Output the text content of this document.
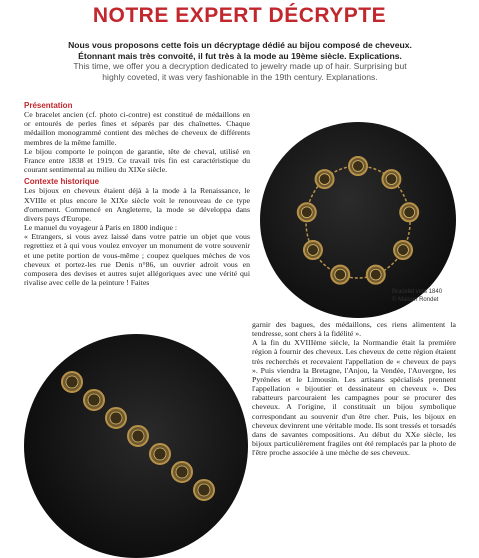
NOTRE EXPERT DÉCRYPTE
Nous vous proposons cette fois un décryptage dédié au bijou composé de cheveux.
Étonnant mais très convoité, il fut très à la mode au 19ème siècle. Explications.
This time, we offer you a decryption dedicated to jewelry made up of hair. Surprising but
highly coveted, it was very fashionable in the 19th century. Explanations.

Présentation

Ce bracelet ancien (cf. photo ci-contre) est constitué de médaillons en or entourés de perles fines et séparés par des chaînettes. Chaque médaillon monogrammé contient des mèches de cheveux de différents membres de la même famille.

Le bijou comporte le poinçon de garantie, tête de cheval, utilisé en France entre 1838 et 1919. Ce travail très fin est caractéristique du courant sentimental au milieu du XIXe siècle.

Contexte historique

Les bijoux en cheveux étaient déjà à la mode à la Renaissance, le XVIIIe et plus encore le XIXe siècle voit le renouveau de ce type d'ornement. Commencé en Angleterre, la mode se développa dans divers pays d'Europe.

Le manuel du voyageur à Paris en 1800 indique :

« Etrangers, si vous avez laissé dans votre patrie un objet que vous regrettiez et à qui vous voulez envoyer un monument de votre souvenir et une petite portion de vous-même ; coupez quelques mèches de vos cheveux et portez-les rue Denis n°86, un ouvrier adroit vous en composera des devises et autres sujet allégoriques avec une vérité qui rivalise avec celle de la peinture ! Faites

Bracelet vers 1840
© Maison Rondet

garnir des bagues, des médaillons, ces riens alimentent la tendresse, sont chers à la fidélité ».

A la fin du XVIIIème siècle, la Normandie était la première région à fournir des cheveux. Les cheveux de cette région étaient très recherchés et recevaient l'appellation de « cheveux de pays ». Puis viendra la Bretagne, l'Anjou, la Vendée, l'Auvergne, les Pyrénées et le Limousin. Les artisans spécialisés prennent l'appellation « bijoutier et dessinateur en cheveux ». Des rabatteurs parcouraient les campagnes pour se procurer des cheveux. A l'origine, il constituait un bijou symbolique correspondant au souvenir d'un être cher. Puis, les bijoux en cheveux devinrent une véritable mode. Ils sont tressés et torsadés dans de savantes compositions. Au début du XXe siècle, les bijoux particulièrement fragiles ont été remplacés par la photo de l'être proche associée à une mèche de ses cheveux.
